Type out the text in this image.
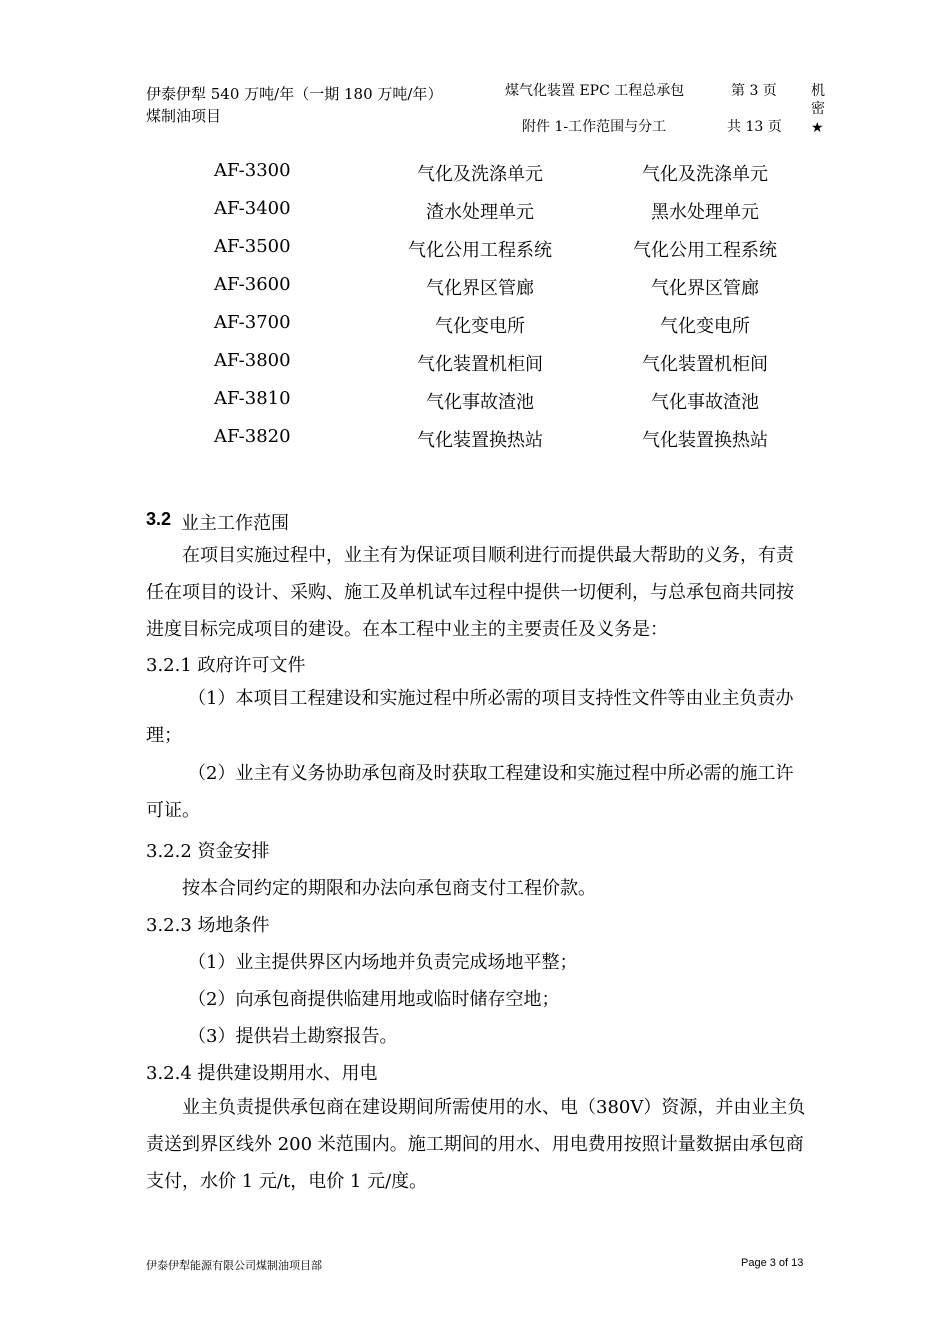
伊泰伊犁 540 万吨/年（一期 180 万吨/年）
煤制油项目
煤气化装置 EPC 工程总承包
附件 1-工作范围与分工
第 3 页
共 13 页
机
密
★
AF-3300	气化及洗涤单元	气化及洗涤单元
AF-3400	渣水处理单元	黑水处理单元
AF-3500	气化公用工程系统	气化公用工程系统
AF-3600	气化界区管廊	气化界区管廊
AF-3700	气化变电所	气化变电所
AF-3800	气化装置机柜间	气化装置机柜间
AF-3810	气化事故渣池	气化事故渣池
AF-3820	气化装置换热站	气化装置换热站
3.2 业主工作范围
在项目实施过程中，业主有为保证项目顺利进行而提供最大帮助的义务，有责任在项目的设计、采购、施工及单机试车过程中提供一切便利，与总承包商共同按进度目标完成项目的建设。在本工程中业主的主要责任及义务是：
3.2.1 政府许可文件
（1）本项目工程建设和实施过程中所必需的项目支持性文件等由业主负责办理；
（2）业主有义务协助承包商及时获取工程建设和实施过程中所必需的施工许可证。
3.2.2 资金安排
按本合同约定的期限和办法向承包商支付工程价款。
3.2.3 场地条件
（1）业主提供界区内场地并负责完成场地平整；
（2）向承包商提供临建用地或临时储存空地；
（3）提供岩土勘察报告。
3.2.4 提供建设期用水、用电
业主负责提供承包商在建设期间所需使用的水、电（380V）资源，并由业主负责送到界区线外 200 米范围内。施工期间的用水、用电费用按照计量数据由承包商支付，水价 1 元/t，电价 1 元/度。
伊泰伊犁能源有限公司煤制油项目部	Page 3 of 13
